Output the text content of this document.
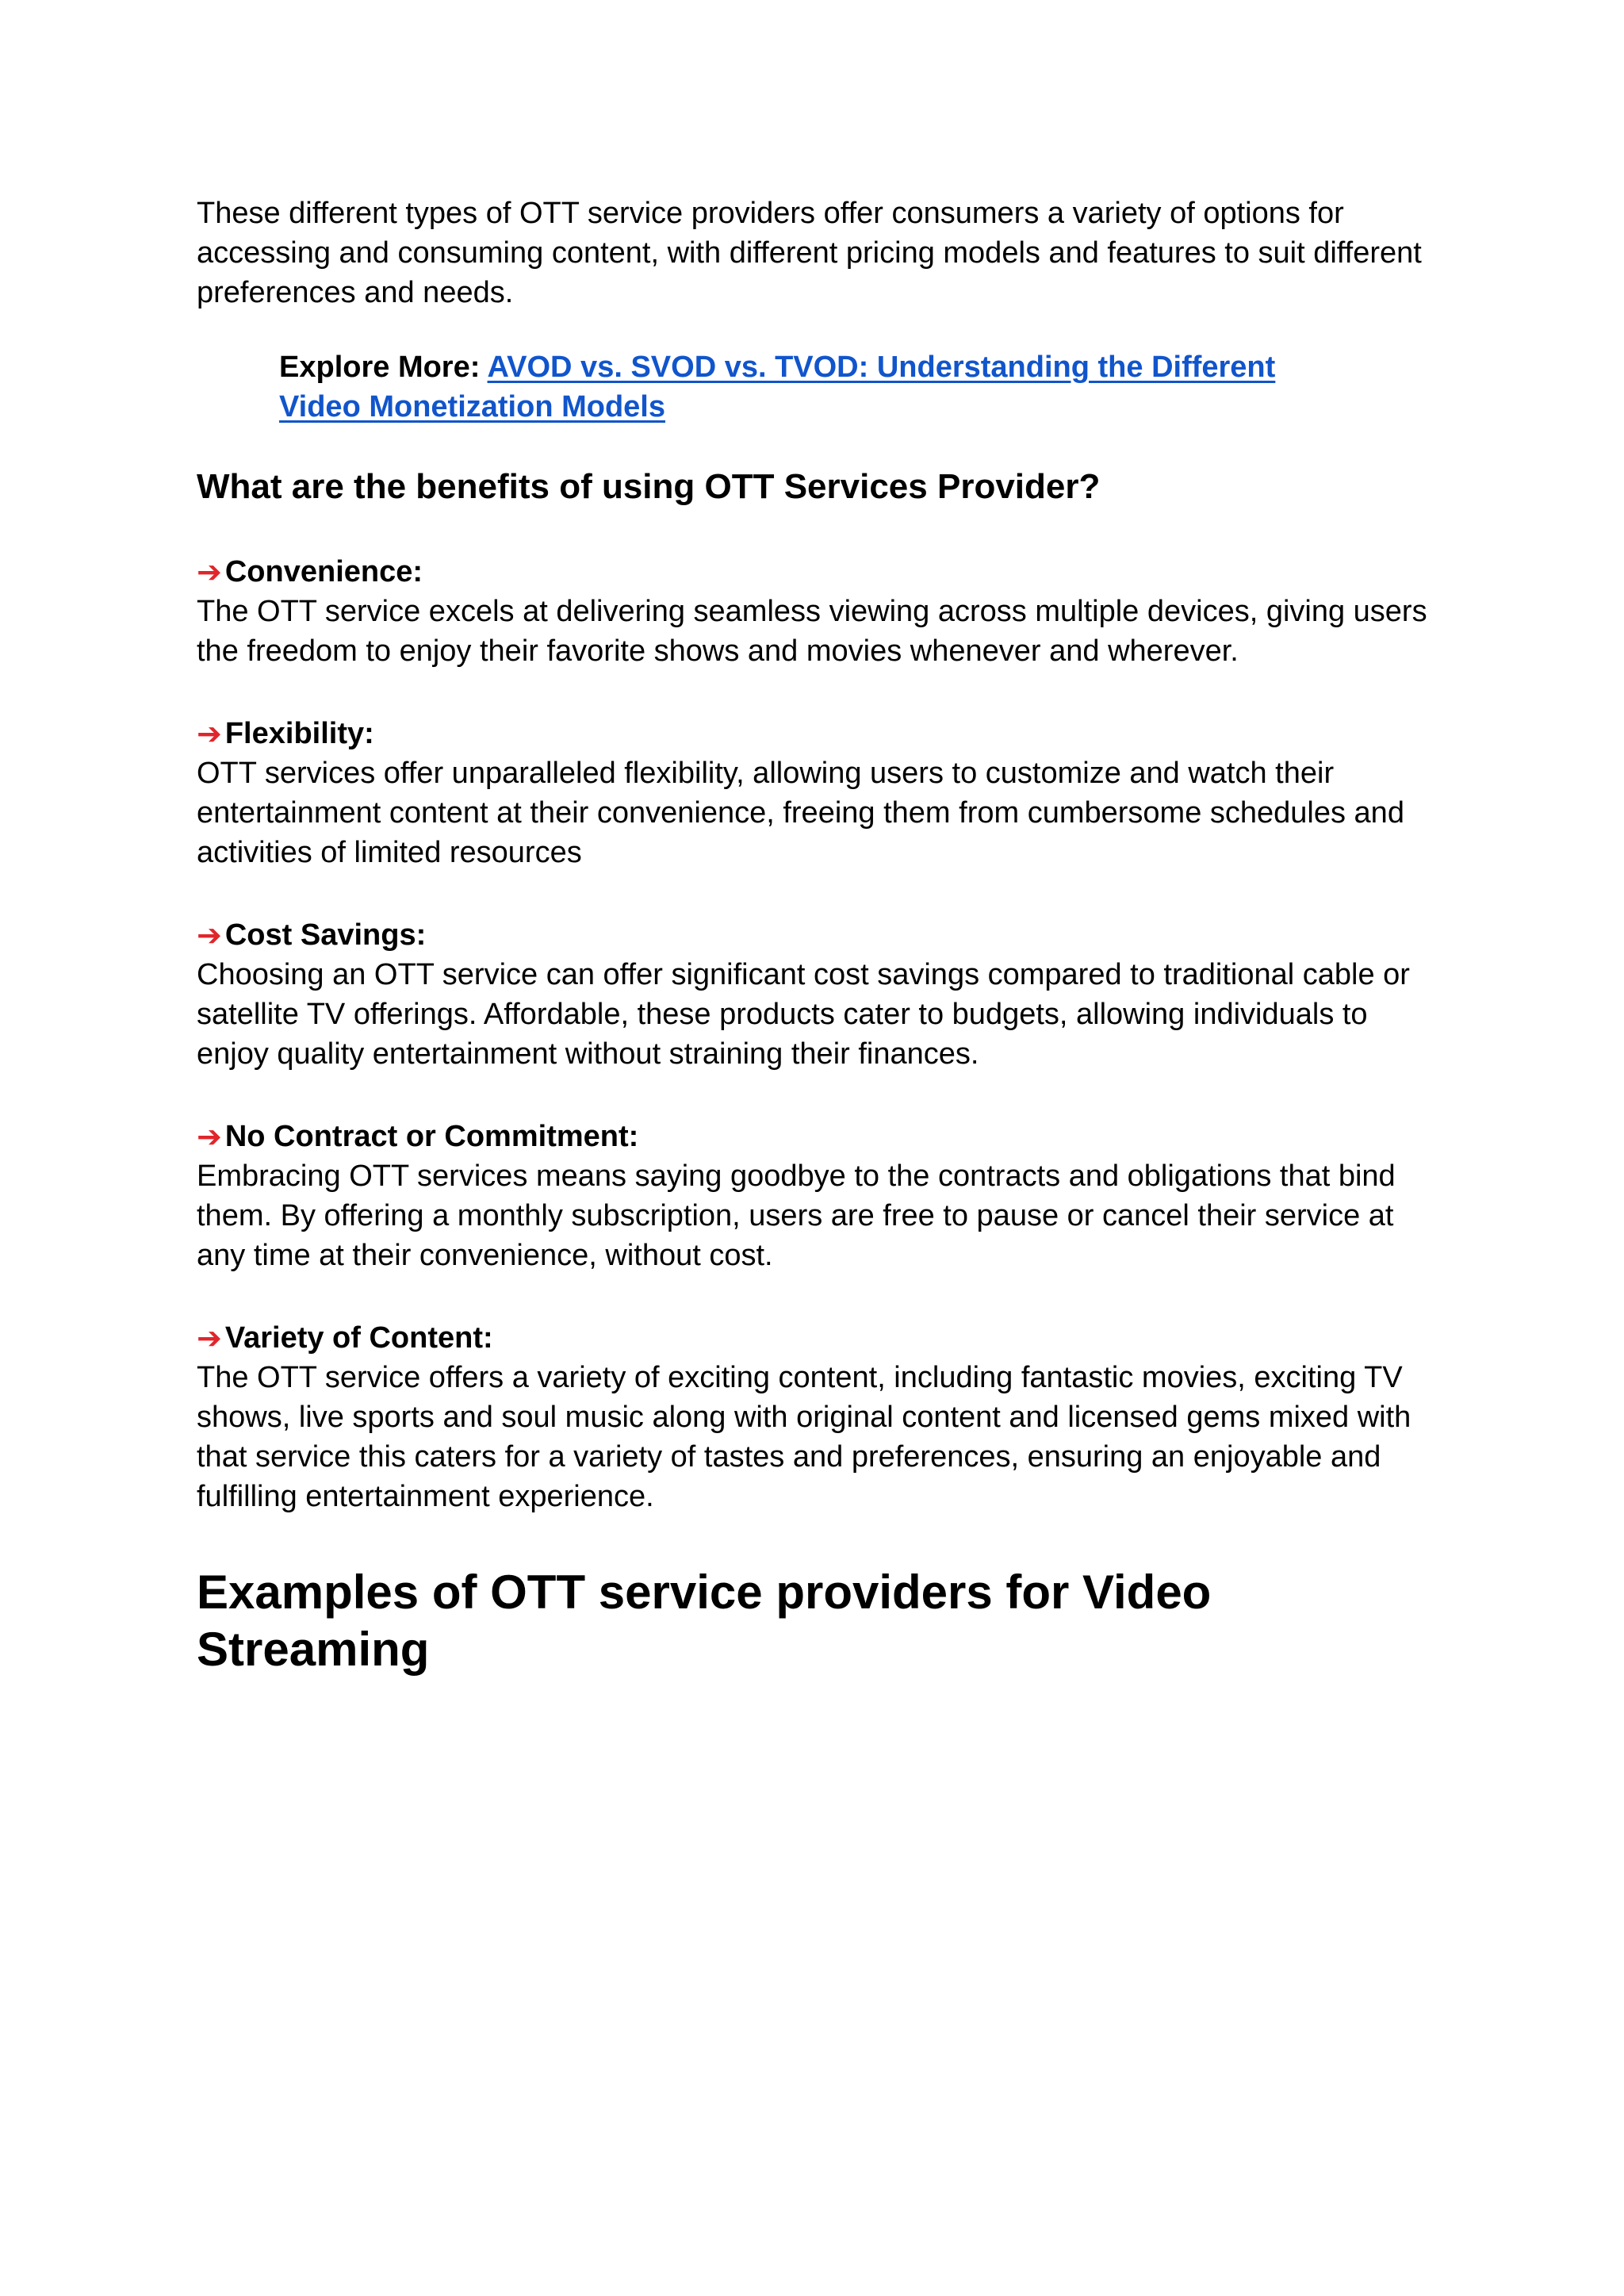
These different types of OTT service providers offer consumers a variety of options for accessing and consuming content, with different pricing models and features to suit different preferences and needs.

Explore More: AVOD vs. SVOD vs. TVOD: Understanding the Different Video Monetization Models
What are the benefits of using OTT Services Provider?
➔ Convenience:

The OTT service excels at delivering seamless viewing across multiple devices, giving users the freedom to enjoy their favorite shows and movies whenever and wherever.

➔ Flexibility:

OTT services offer unparalleled flexibility, allowing users to customize and watch their entertainment content at their convenience, freeing them from cumbersome schedules and activities of limited resources

➔ Cost Savings:

Choosing an OTT service can offer significant cost savings compared to traditional cable or satellite TV offerings. Affordable, these products cater to budgets, allowing individuals to enjoy quality entertainment without straining their finances.

➔ No Contract or Commitment:

Embracing OTT services means saying goodbye to the contracts and obligations that bind them. By offering a monthly subscription, users are free to pause or cancel their service at any time at their convenience, without cost.

➔ Variety of Content:

The OTT service offers a variety of exciting content, including fantastic movies, exciting TV shows, live sports and soul music along with original content and licensed gems mixed with that service this caters for a variety of tastes and preferences, ensuring an enjoyable and fulfilling entertainment experience.

Examples of OTT service providers for Video Streaming
